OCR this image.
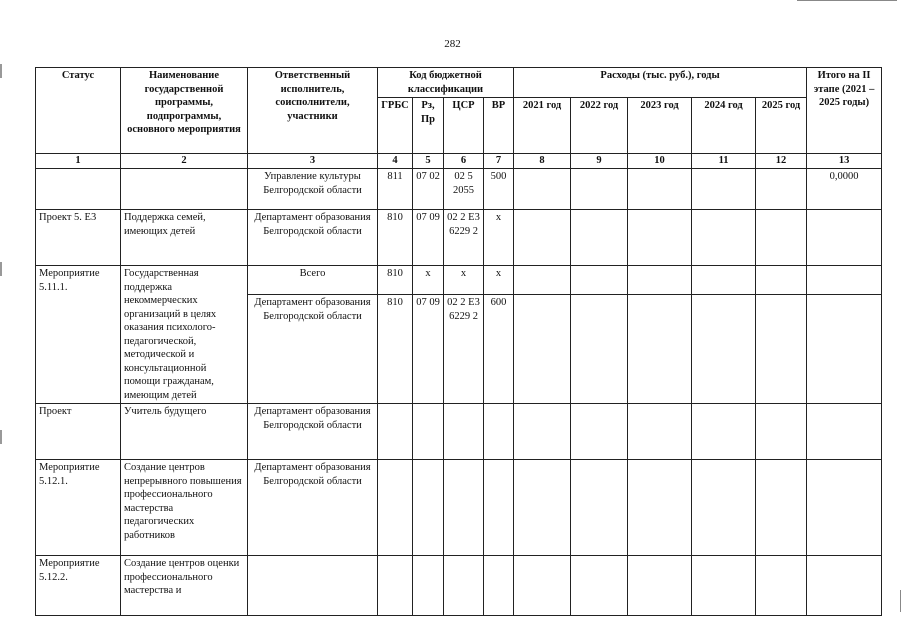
282
Статус	Наименование государственной программы, подпрограммы, основного мероприятия	Ответственный исполнитель, соисполнители, участники	Код бюджетной классификации				Расходы (тыс. руб.), годы					Итого на II этапе (2021 – 2025 годы)
			ГРБС	Рз, Пр	ЦСР	ВР	2021 год	2022 год	2023 год	2024 год	2025 год	
1	2	3	4	5	6	7	8	9	10	11	12	13
		Управление культуры Белгородской области	811	07 02	02 5 2055	500						0,0000
Проект 5. Е3	Поддержка семей, имеющих детей	Департамент образования Белгородской области	810	07 09	02 2 Е3 6229 2	х						
Мероприятие 5.11.1.	Государственная поддержка некоммерческих организаций в целях оказания психолого-педагогической, методической и консультационной помощи гражданам, имеющим детей	Всего	810	х	х	х						
		Департамент образования Белгородской области	810	07 09	02 2 Е3 6229 2	600						
Проект	Учитель будущего	Департамент образования Белгородской области										
Мероприятие 5.12.1.	Создание центров непрерывного повышения профессионального мастерства педагогических работников	Департамент образования Белгородской области										
Мероприятие 5.12.2.	Создание центров оценки профессионального мастерства и											
